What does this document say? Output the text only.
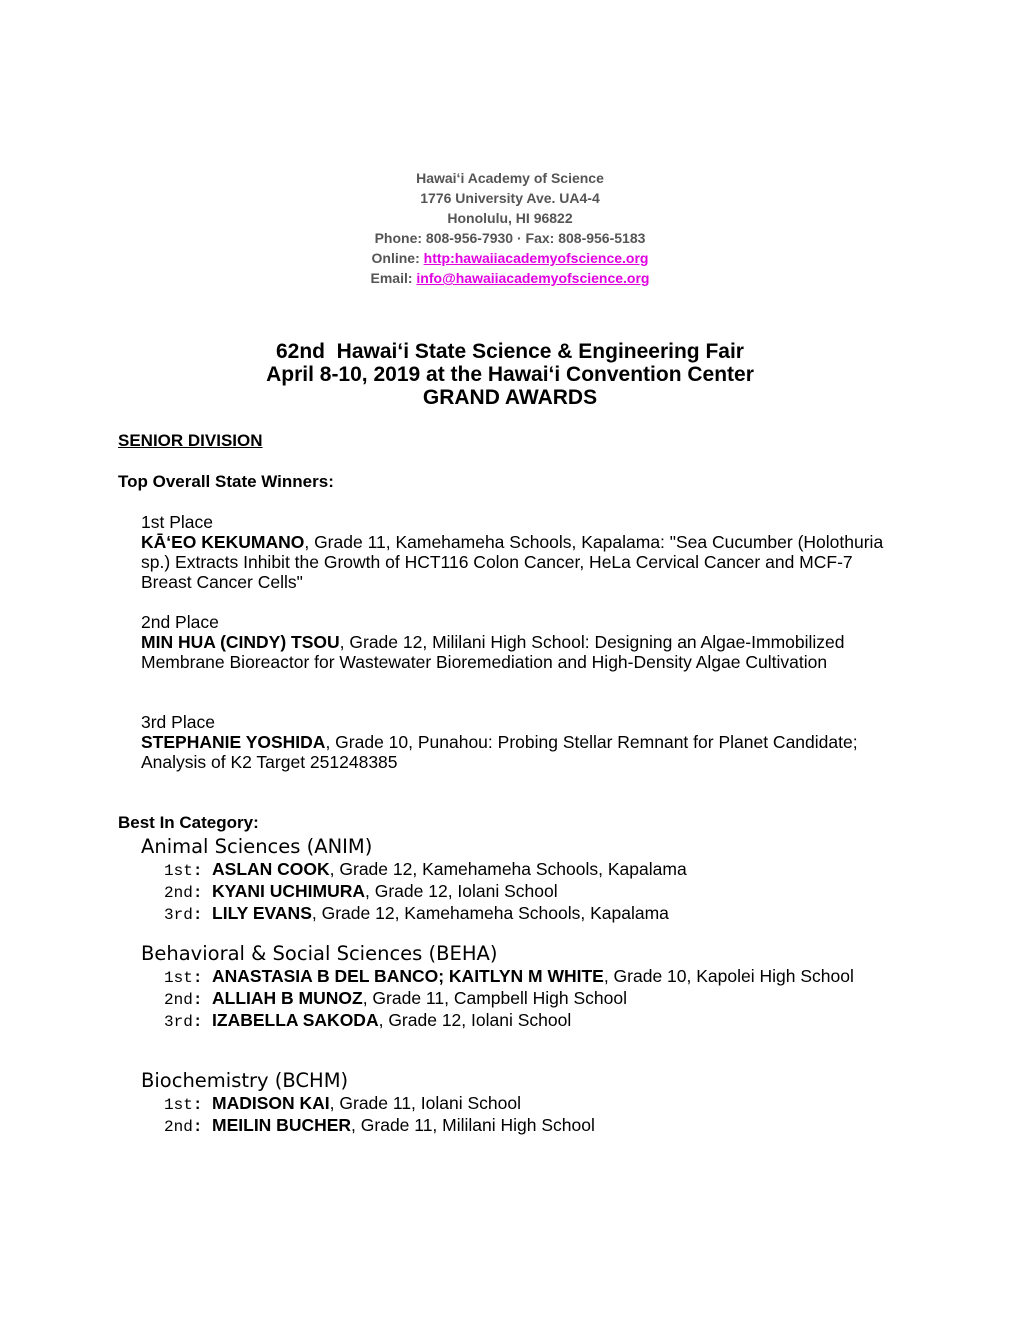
Hawai‘i Academy of Science
1776 University Ave. UA4-4
Honolulu, HI 96822
Phone: 808-956-7930 · Fax: 808-956-5183
Online: http:hawaiiacademyofscience.org
Email: info@hawaiiacademyofscience.org
62nd  Hawai‘i State Science & Engineering Fair
April 8-10, 2019 at the Hawai‘i Convention Center
GRAND AWARDS
SENIOR DIVISION
Top Overall State Winners:
1st Place
KĀ‘EO KEKUMANO, Grade 11, Kamehameha Schools, Kapalama: "Sea Cucumber (Holothuria sp.) Extracts Inhibit the Growth of HCT116 Colon Cancer, HeLa Cervical Cancer and MCF-7 Breast Cancer Cells"
2nd Place
MIN HUA (CINDY) TSOU, Grade 12, Mililani High School: Designing an Algae-Immobilized Membrane Bioreactor for Wastewater Bioremediation and High-Density Algae Cultivation
3rd Place
STEPHANIE YOSHIDA, Grade 10, Punahou: Probing Stellar Remnant for Planet Candidate; Analysis of K2 Target 251248385
Best In Category:
Animal Sciences (ANIM)
1st: ASLAN COOK, Grade 12, Kamehameha Schools, Kapalama
2nd: KYANI UCHIMURA, Grade 12, Iolani School
3rd: LILY EVANS, Grade 12, Kamehameha Schools, Kapalama
Behavioral & Social Sciences (BEHA)
1st: ANASTASIA B DEL BANCO; KAITLYN M WHITE, Grade 10, Kapolei High School
2nd: ALLIAH B MUNOZ, Grade 11, Campbell High School
3rd: IZABELLA SAKODA, Grade 12, Iolani School
Biochemistry (BCHM)
1st: MADISON KAI, Grade 11, Iolani School
2nd: MEILIN BUCHER, Grade 11, Mililani High School
